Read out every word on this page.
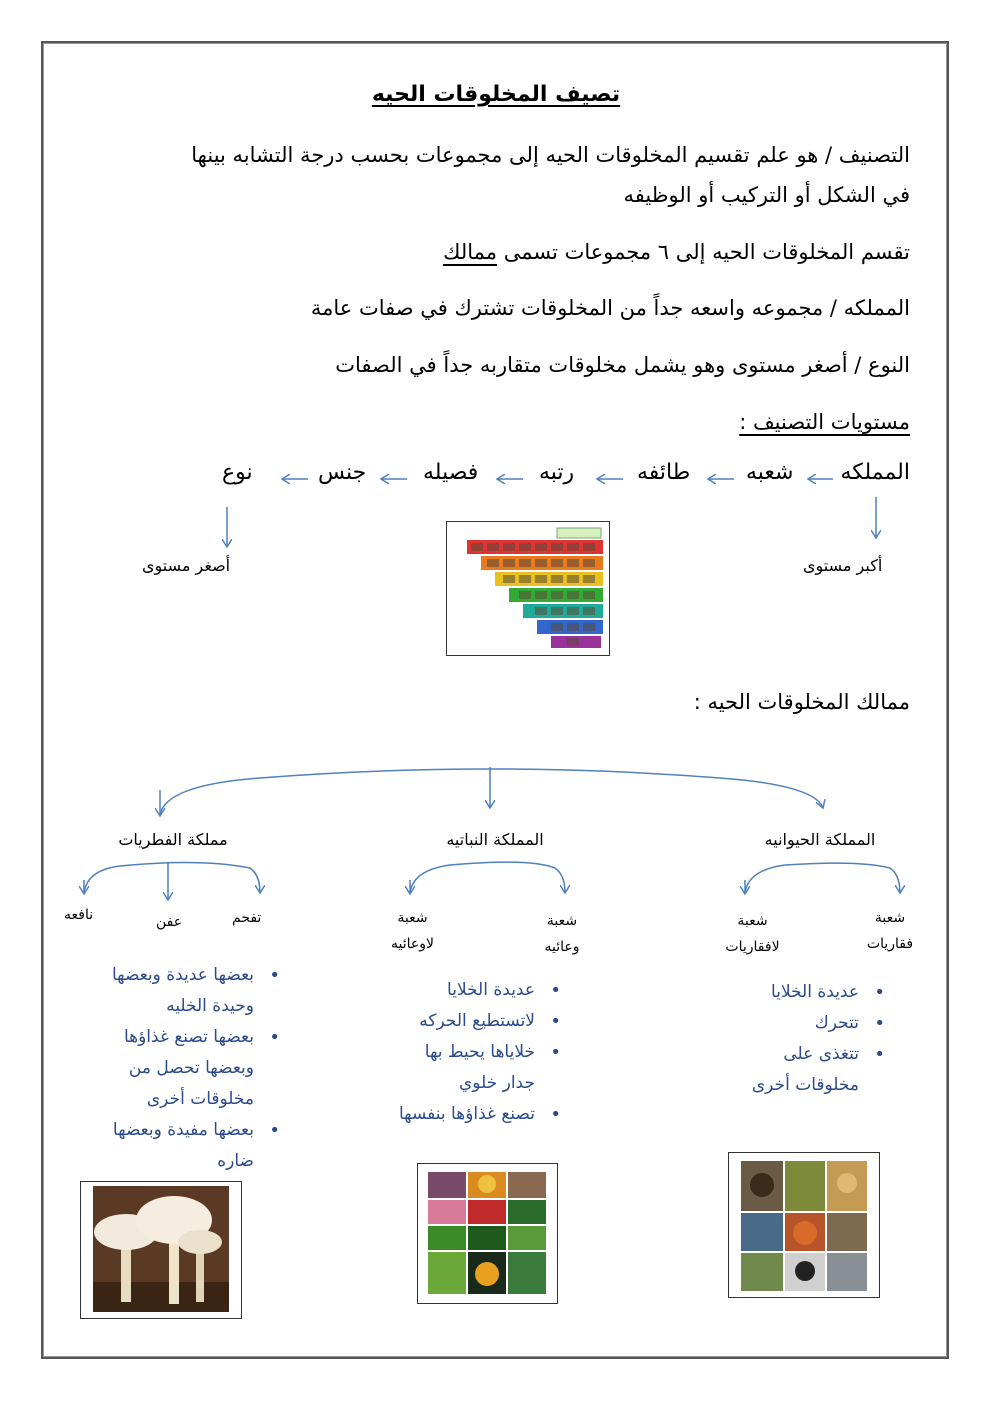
تصيف المخلوقات الحيه
التصنيف / هو علم تقسيم المخلوقات الحيه إلى مجموعات بحسب درجة التشابه بينها
في الشكل أو التركيب أو الوظيفه
تقسم المخلوقات الحيه إلى ٦ مجموعات تسمى ممالك
المملكه / مجموعه واسعه جداً من المخلوقات تشترك في صفات عامة
النوع / أصغر مستوى وهو يشمل مخلوقات متقاربه جداً في الصفات
مستويات التصنيف :
المملكه
شعبه
طائفه
رتبه
فصيله
جنس
نوع
أكبر مستوى
أصغر مستوى
ممالك المخلوقات الحيه :
المملكة الحيوانيه
المملكة النباتيه
مملكة الفطريات
شعبة
فقاريات
شعبة
لافقاريات
شعبة
وعائيه
شعبة
لاوعائيه
تفحم
عفن
نافعه
• عديدة الخلايا
• تتحرك
• تتغذى على مخلوقات أخرى
• عديدة الخلايا
• لاتستطيع الحركه
• خلاياها يحيط بها جدار خلوي
• تصنع غذاؤها بنفسها
• بعضها عديدة وبعضها وحيدة الخليه
• بعضها تصنع غذاؤها وبعضها تحصل من مخلوقات أخرى
• بعضها مفيدة وبعضها ضاره
